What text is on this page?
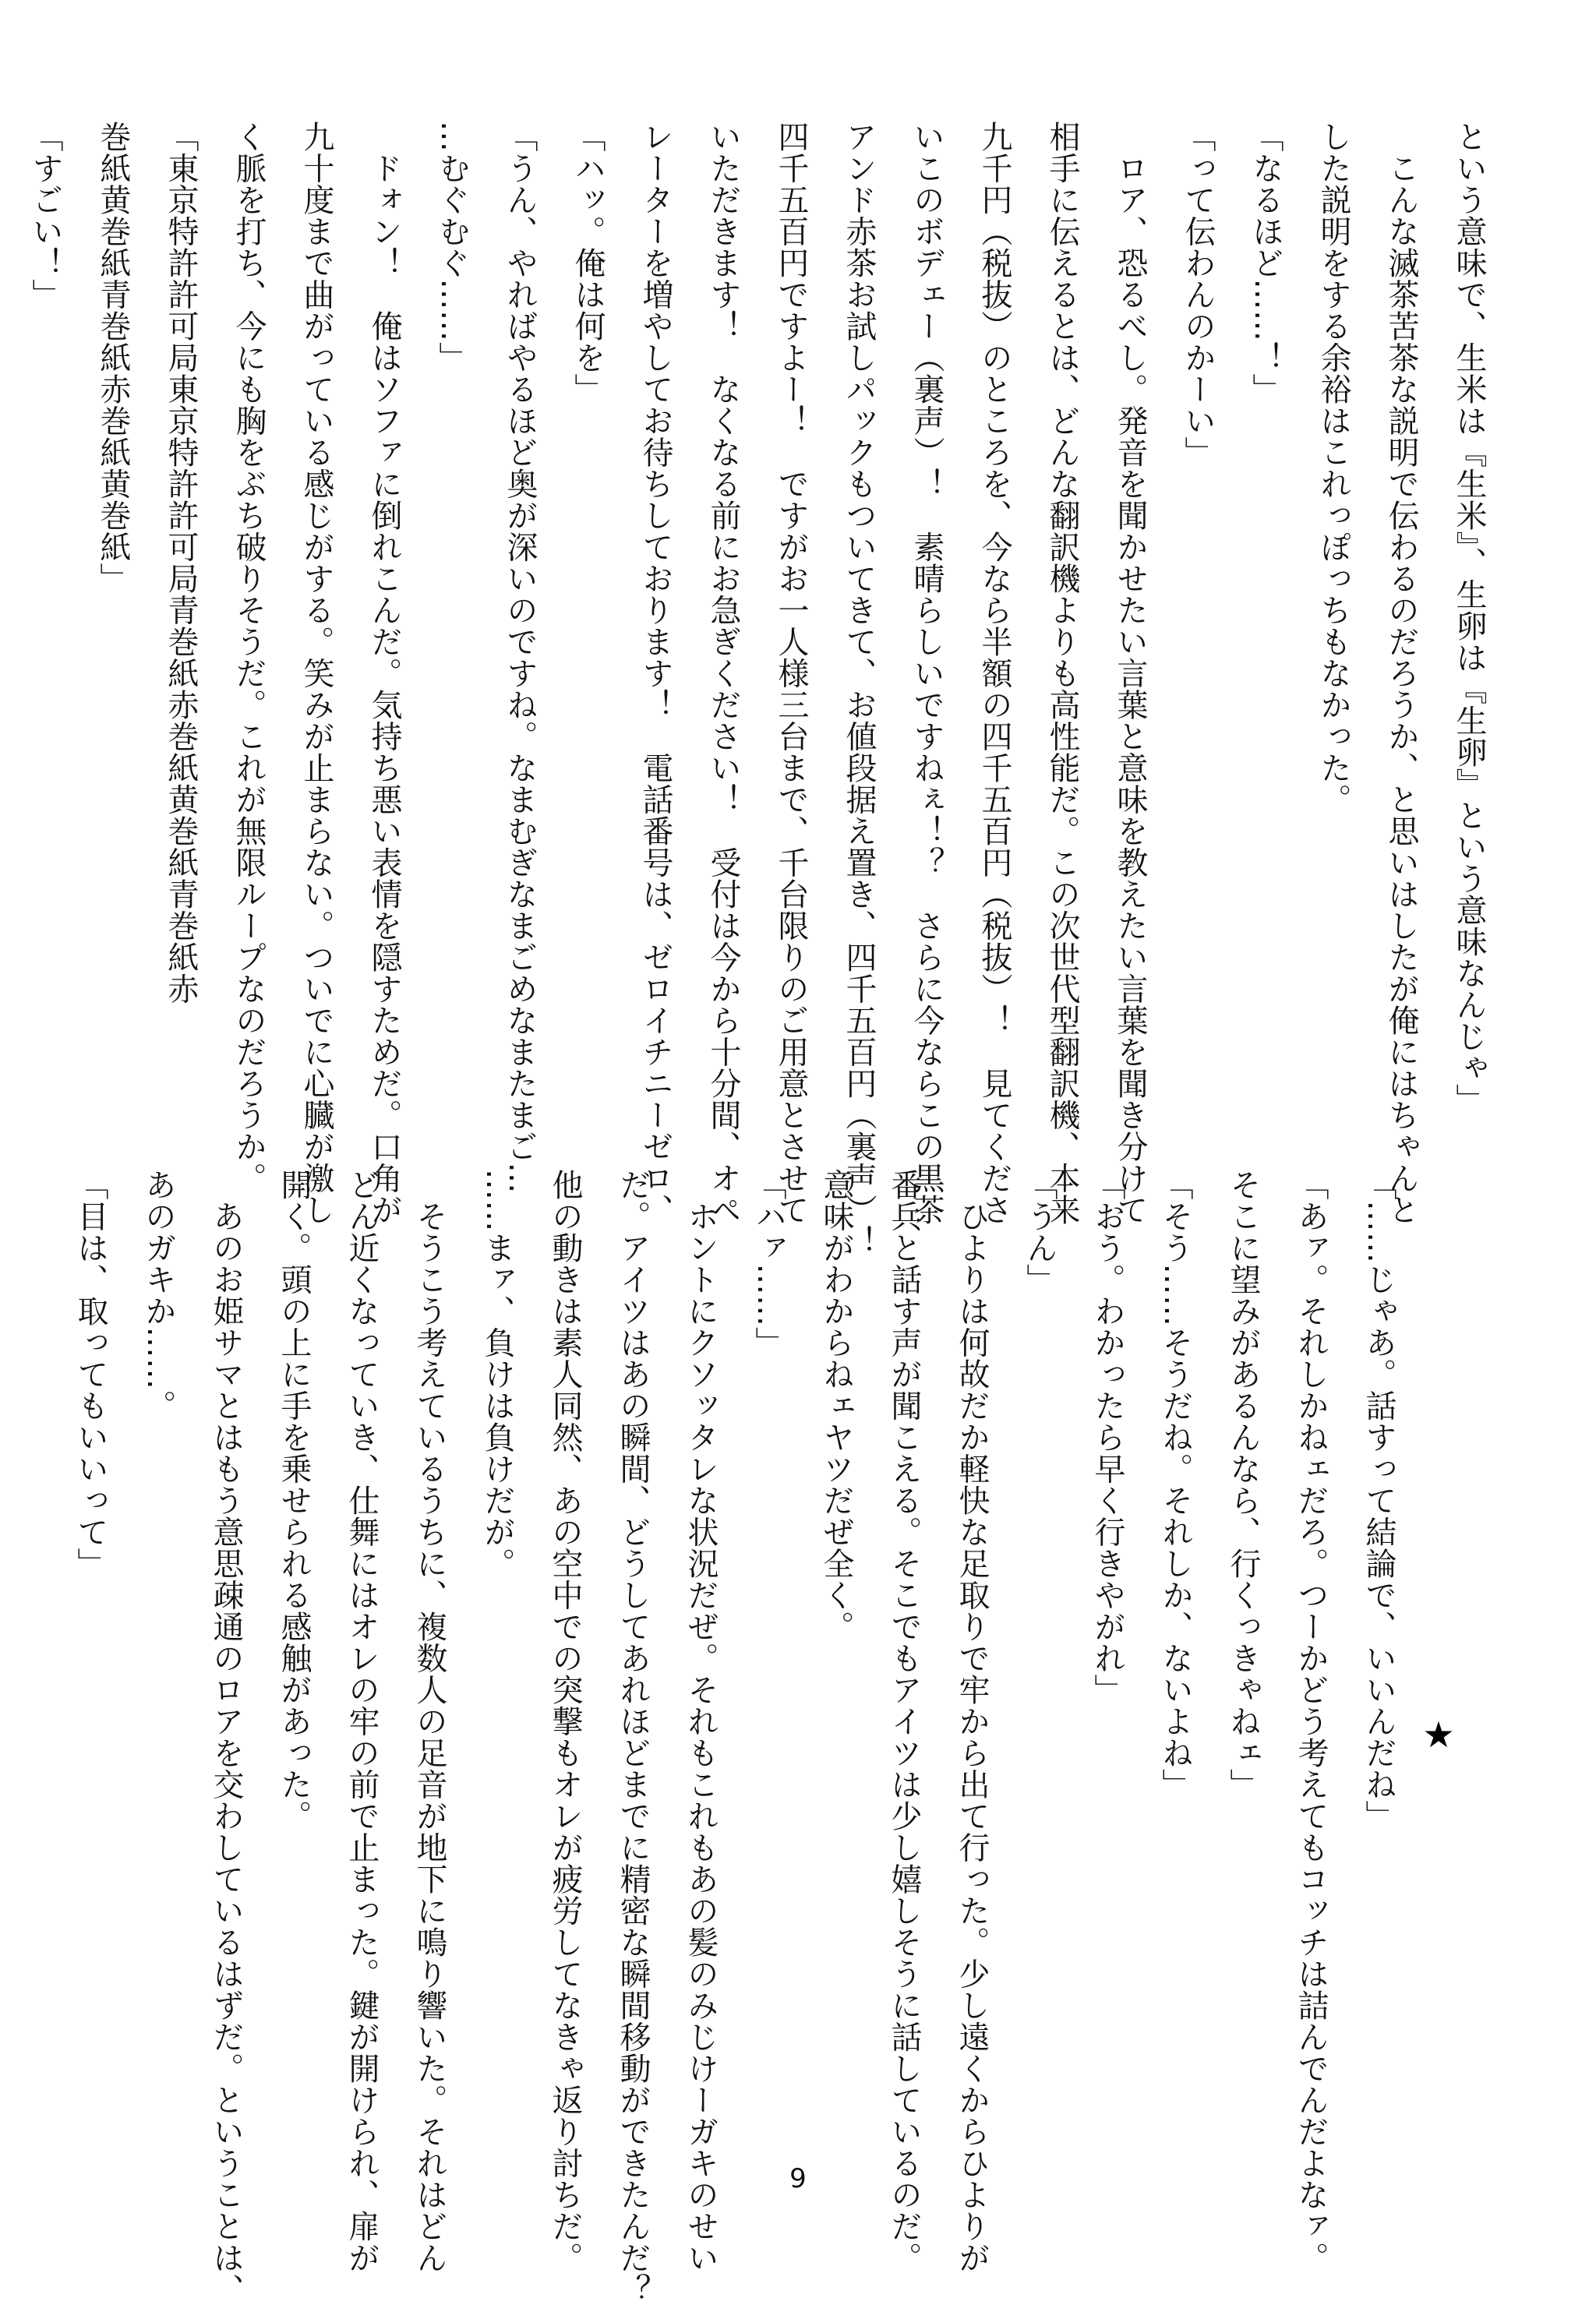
という意味で、生米は『生米』、生卵は『生卵』という意味なんじゃ」
　こんな滅茶苦茶な説明で伝わるのだろうか、と思いはしたが俺にはちゃんと
した説明をする余裕はこれっぽっちもなかった。
「なるほど……！」
「って伝わんのかーい」
　ロア、恐るべし。発音を聞かせたい言葉と意味を教えたい言葉を聞き分けて
相手に伝えるとは、どんな翻訳機よりも高性能だ。この次世代型翻訳機、本来
九千円（税抜）のところを、今なら半額の四千五百円（税抜）！　見てくださ
いこのボデェー（裏声）！　素晴らしいですねぇ！？　さらに今ならこの黒茶
アンド赤茶お試しパックもついてきて、お値段据え置き、四千五百円（裏声）！
四千五百円ですよー！　ですがお一人様三台まで、千台限りのご用意とさせて
いただきます！　なくなる前にお急ぎください！　受付は今から十分間、オペ
レーターを増やしてお待ちしております！　電話番号は、ゼロイチニーゼロ、
「ハッ。俺は何を」
「うん、やればやるほど奥が深いのですね。なまむぎなまごめなまたまご…
…むぐむぐ……」
　ドォン！　俺はソファに倒れこんだ。気持ち悪い表情を隠すためだ。口角が
九十度まで曲がっている感じがする。笑みが止まらない。ついでに心臓が激し
く脈を打ち、今にも胸をぶち破りそうだ。これが無限ループなのだろうか。
「東京特許許可局東京特許許可局青巻紙赤巻紙黄巻紙青巻紙赤
巻紙黄巻紙青巻紙赤巻紙黄巻紙」
「すごい！」
★
「……じゃあ。話すって結論で、いいんだね」
「あァ。それしかねェだろ。つーかどう考えてもコッチは詰んでんだよなァ。
そこに望みがあるんなら、行くっきゃねェ」
「そう……そうだね。それしか、ないよね」
「おう。わかったら早く行きやがれ」
「うん」
　ひよりは何故だか軽快な足取りで牢から出て行った。少し遠くからひよりが
番兵と話す声が聞こえる。そこでもアイツは少し嬉しそうに話しているのだ。
意味がわからねェヤツだぜ全く。
「ハァ……」
　ホントにクソッタレな状況だぜ。それもこれもあの髪のみじけーガキのせい
だ。アイツはあの瞬間、どうしてあれほどまでに精密な瞬間移動ができたんだ？
他の動きは素人同然、あの空中での突撃もオレが疲労してなきゃ返り討ちだ。
……まァ、負けは負けだが。
　そうこう考えているうちに、複数人の足音が地下に鳴り響いた。それはどん
どん近くなっていき、仕舞にはオレの牢の前で止まった。鍵が開けられ、扉が
開く。頭の上に手を乗せられる感触があった。
　あのお姫サマとはもう意思疎通のロアを交わしているはずだ。ということは、
あのガキか……。
「目は、取ってもいいって」
9
